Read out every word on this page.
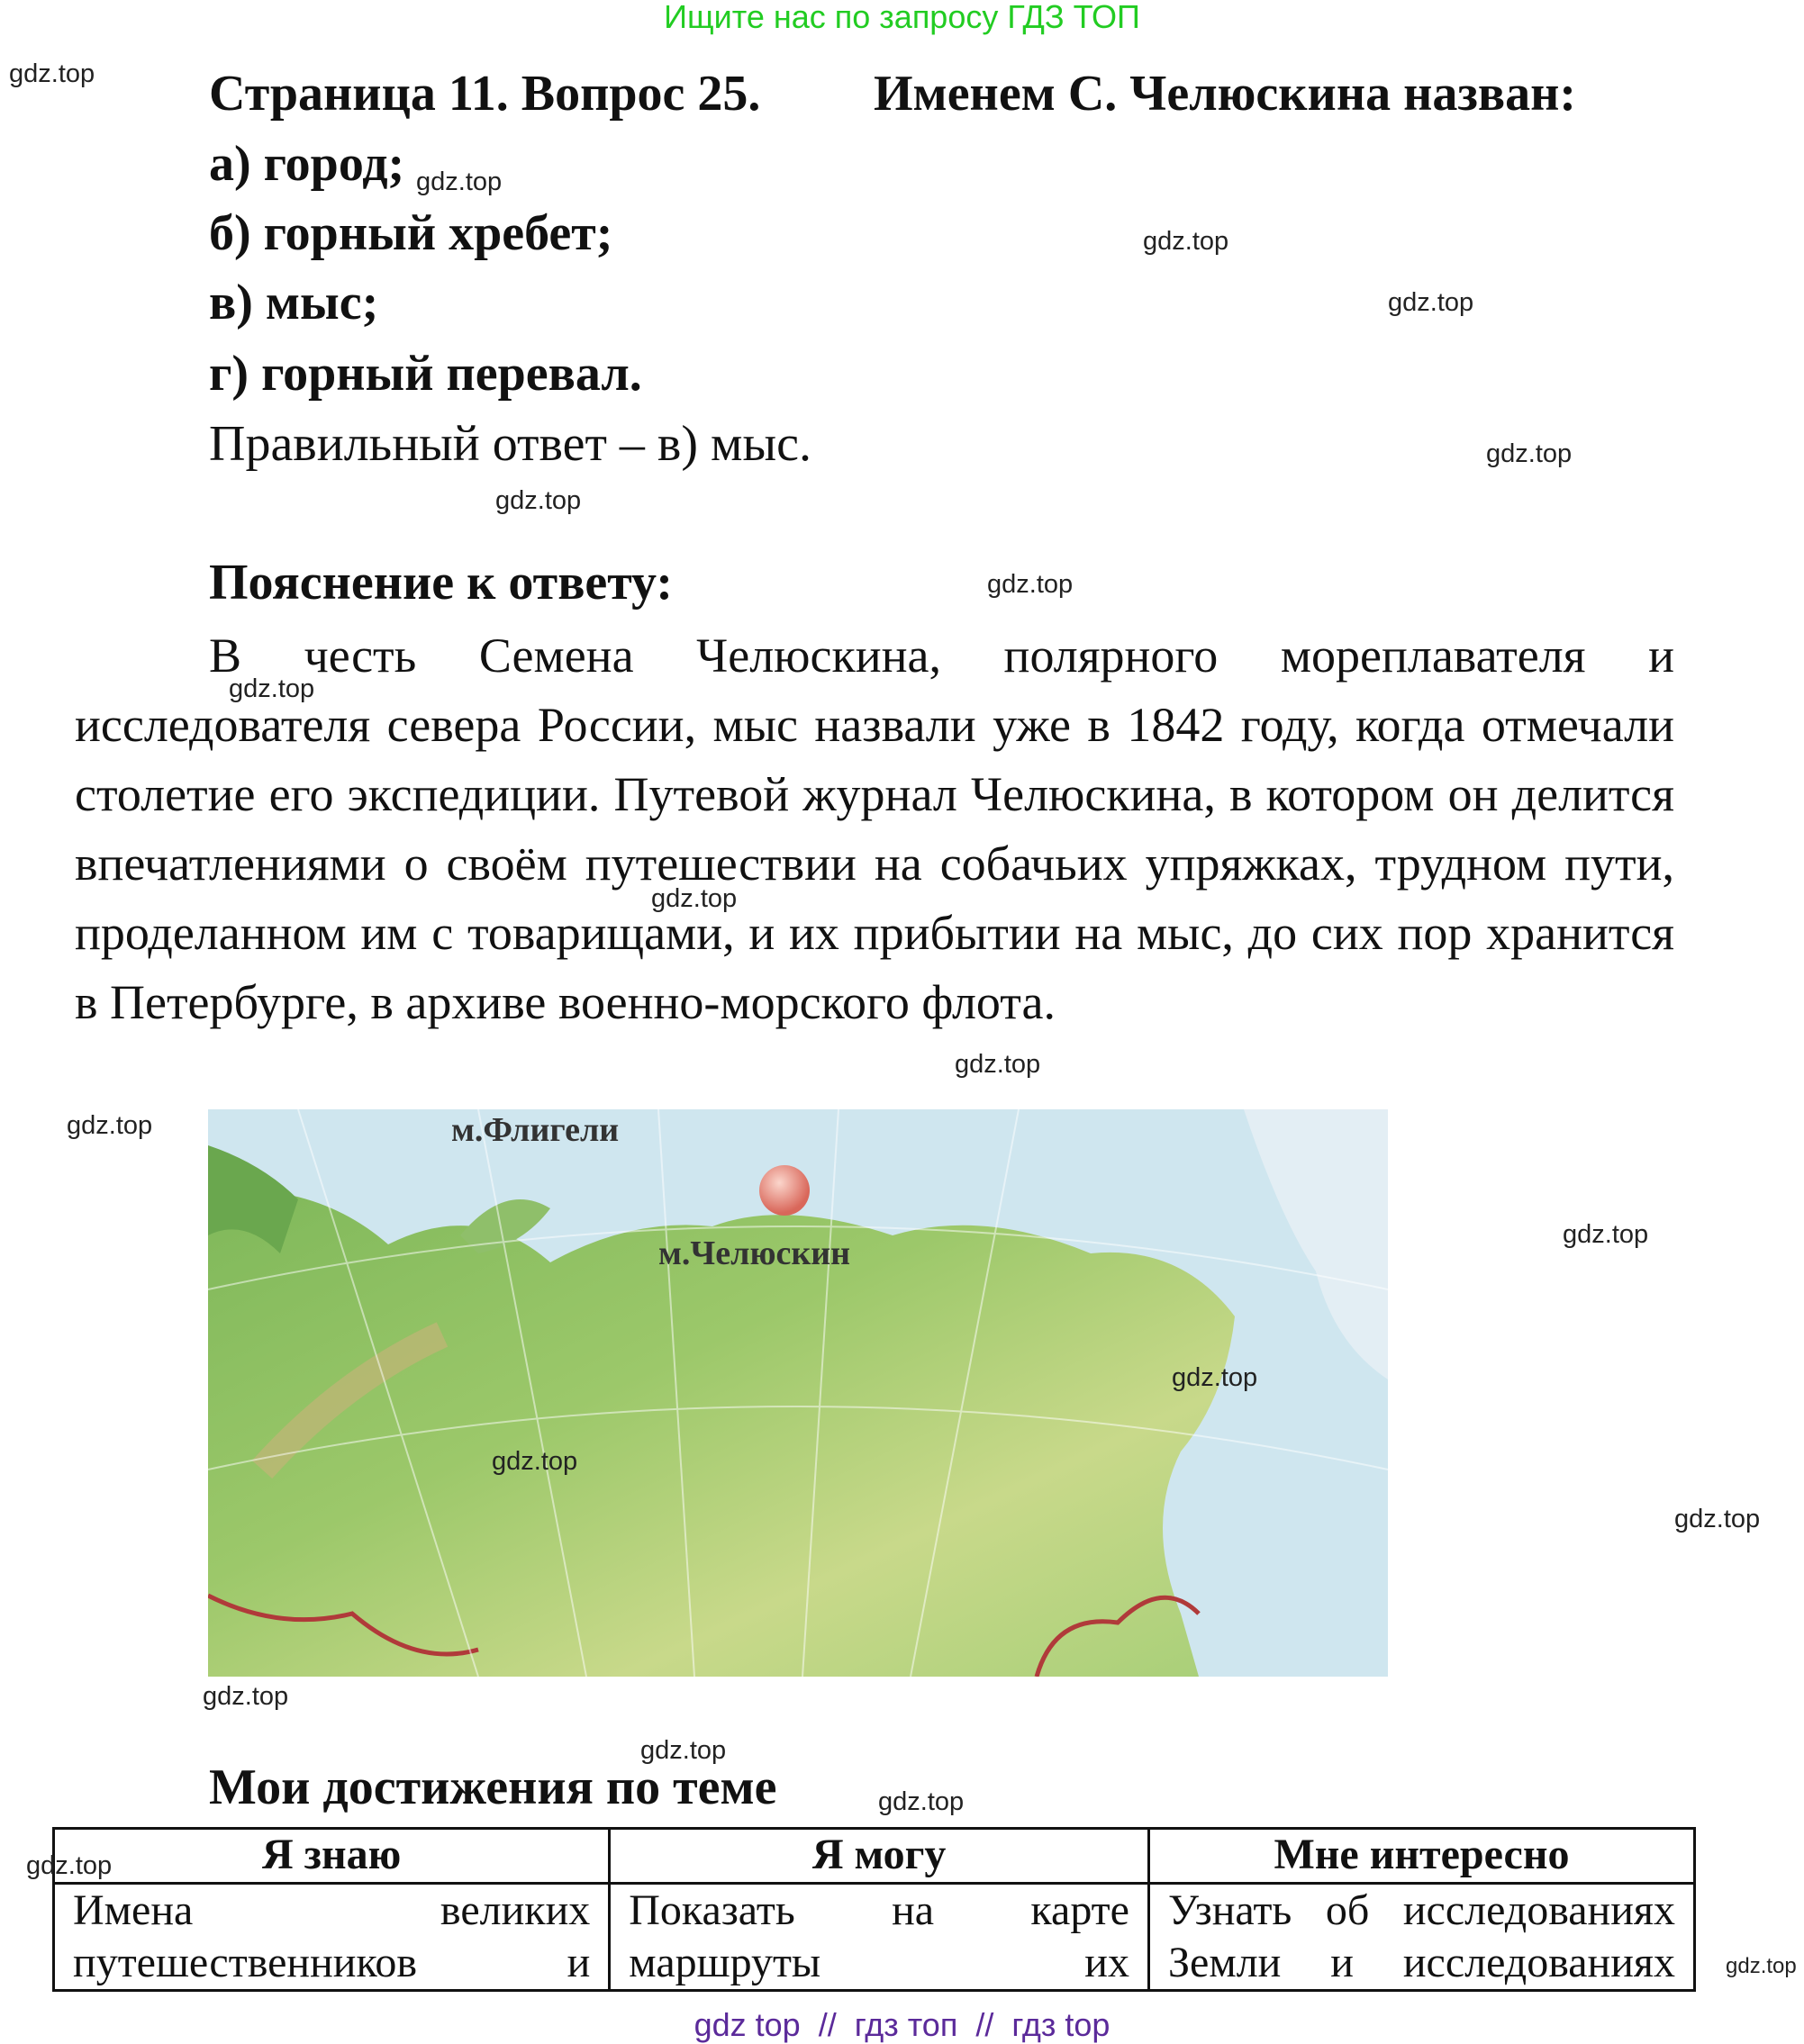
Ищите нас по запросу ГДЗ ТОП
Страница 11. Вопрос 25. Именем С. Челюскина назван:
а) город;
б) горный хребет;
в) мыс;
г) горный перевал.
Правильный ответ – в) мыс.
Пояснение к ответу:
В честь Семена Челюскина, полярного мореплавателя и исследователя севера России, мыс назвали уже в 1842 году, когда отмечали столетие его экспедиции. Путевой журнал Челюскина, в котором он делится впечатлениями о своём путешествии на собачьих упряжках, трудном пути, проделанном им с товарищами, и их прибытии на мыс, до сих пор хранится в Петербурге, в архиве военно-морского флота.
м.Флигели
м.Челюскин
Мои достижения по теме
Я знаю	Я могу	Мне интересно
Имена великих путешественников и	Показать на карте маршруты их	Узнать об исследованиях Земли и исследованиях
gdz.top
gdz.top
gdz.top
gdz.top
gdz.top
gdz.top
gdz.top
gdz.top
gdz.top
gdz.top
gdz.top
gdz.top
gdz.top
gdz.top
gdz.top
gdz.top
gdz.top
gdz.top
gdz.top
gdz.top
gdz top  //  гдз топ  //  гдз top
